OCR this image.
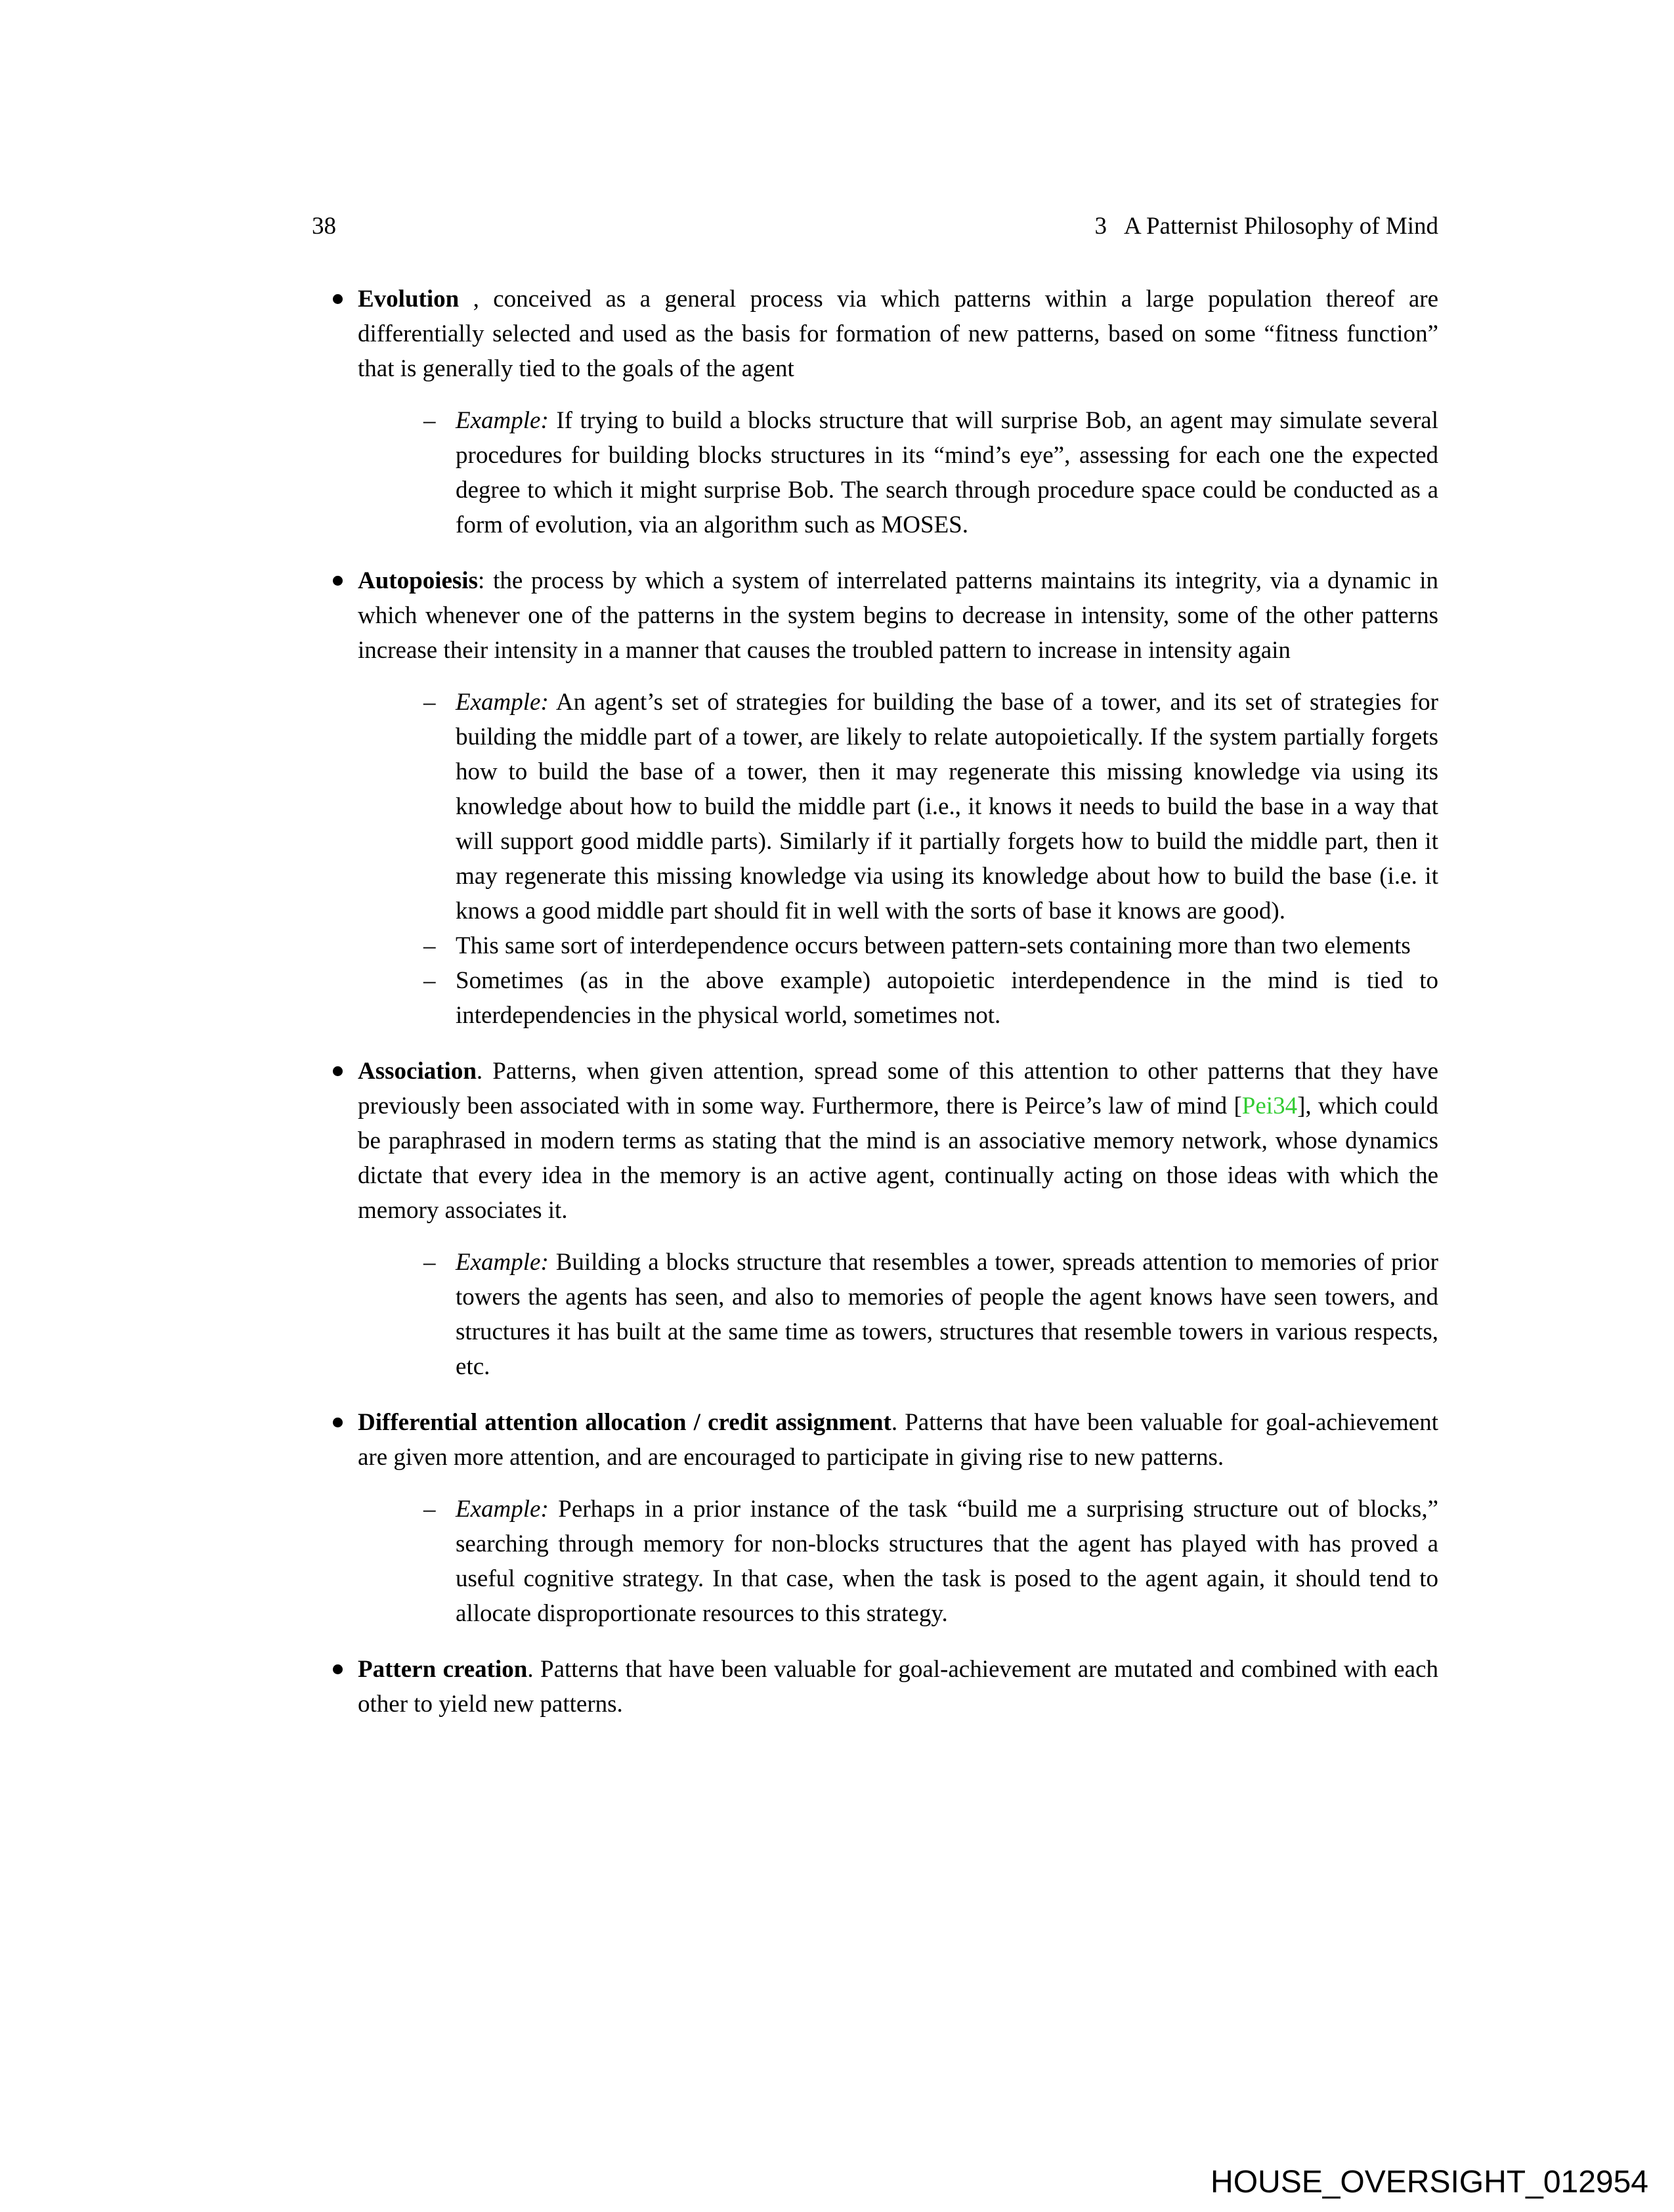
38	3 A Patternist Philosophy of Mind

Evolution , conceived as a general process via which patterns within a large population thereof are differentially selected and used as the basis for formation of new patterns, based on some “fitness function” that is generally tied to the goals of the agent

– Example: If trying to build a blocks structure that will surprise Bob, an agent may simulate several procedures for building blocks structures in its “mind’s eye”, assessing for each one the expected degree to which it might surprise Bob. The search through procedure space could be conducted as a form of evolution, via an algorithm such as MOSES.

Autopoiesis: the process by which a system of interrelated patterns maintains its integrity, via a dynamic in which whenever one of the patterns in the system begins to decrease in intensity, some of the other patterns increase their intensity in a manner that causes the troubled pattern to increase in intensity again

– Example: An agent’s set of strategies for building the base of a tower, and its set of strategies for building the middle part of a tower, are likely to relate autopoietically. If the system partially forgets how to build the base of a tower, then it may regenerate this missing knowledge via using its knowledge about how to build the middle part (i.e., it knows it needs to build the base in a way that will support good middle parts). Similarly if it partially forgets how to build the middle part, then it may regenerate this missing knowledge via using its knowledge about how to build the base (i.e. it knows a good middle part should fit in well with the sorts of base it knows are good).

– This same sort of interdependence occurs between pattern-sets containing more than two elements

– Sometimes (as in the above example) autopoietic interdependence in the mind is tied to interdependencies in the physical world, sometimes not.

Association. Patterns, when given attention, spread some of this attention to other patterns that they have previously been associated with in some way. Furthermore, there is Peirce’s law of mind [Pei34], which could be paraphrased in modern terms as stating that the mind is an associative memory network, whose dynamics dictate that every idea in the memory is an active agent, continually acting on those ideas with which the memory associates it.

– Example: Building a blocks structure that resembles a tower, spreads attention to memories of prior towers the agents has seen, and also to memories of people the agent knows have seen towers, and structures it has built at the same time as towers, structures that resemble towers in various respects, etc.

Differential attention allocation / credit assignment. Patterns that have been valuable for goal-achievement are given more attention, and are encouraged to participate in giving rise to new patterns.

– Example: Perhaps in a prior instance of the task “build me a surprising structure out of blocks,” searching through memory for non-blocks structures that the agent has played with has proved a useful cognitive strategy. In that case, when the task is posed to the agent again, it should tend to allocate disproportionate resources to this strategy.

Pattern creation. Patterns that have been valuable for goal-achievement are mutated and combined with each other to yield new patterns.

HOUSE_OVERSIGHT_012954
